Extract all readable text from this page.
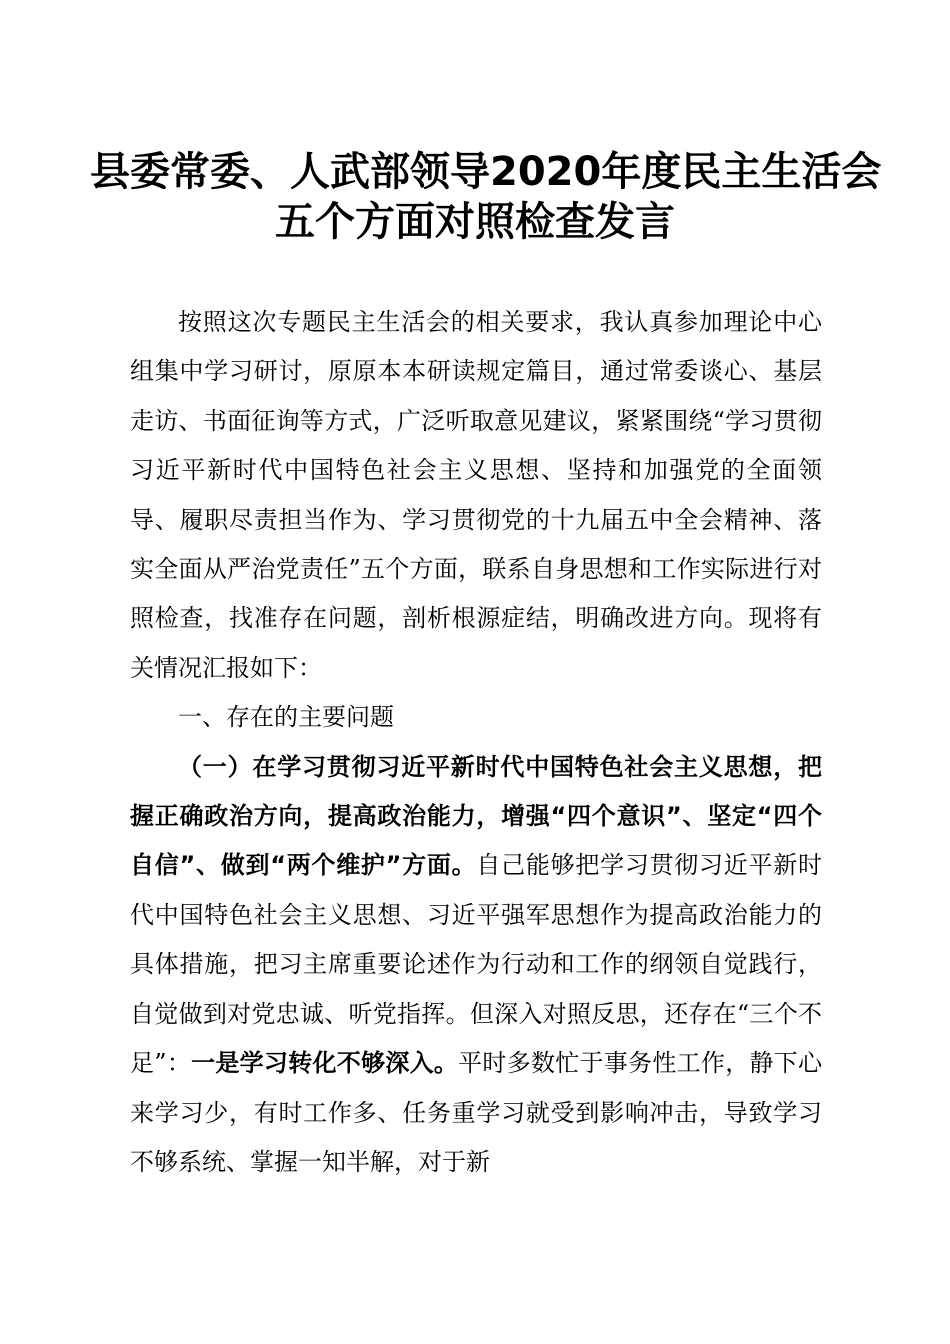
县委常委、人武部领导2020年度民主生活会
五个方面对照检查发言

按照这次专题民主生活会的相关要求，我认真参加理论中心组集中学习研讨，原原本本研读规定篇目，通过常委谈心、基层走访、书面征询等方式，广泛听取意见建议，紧紧围绕“学习贯彻习近平新时代中国特色社会主义思想、坚持和加强党的全面领导、履职尽责担当作为、学习贯彻党的十九届五中全会精神、落实全面从严治党责任”五个方面，联系自身思想和工作实际进行对照检查，找准存在问题，剖析根源症结，明确改进方向。现将有关情况汇报如下：

一、存在的主要问题

（一）在学习贯彻习近平新时代中国特色社会主义思想，把握正确政治方向，提高政治能力，增强“四个意识”、坚定“四个自信”、做到“两个维护”方面。自己能够把学习贯彻习近平新时代中国特色社会主义思想、习近平强军思想作为提高政治能力的具体措施，把习主席重要论述作为行动和工作的纲领自觉践行，自觉做到对党忠诚、听党指挥。但深入对照反思，还存在“三个不足”：一是学习转化不够深入。平时多数忙于事务性工作，静下心来学习少，有时工作多、任务重学习就受到影响冲击，导致学习不够系统、掌握一知半解，对于新
